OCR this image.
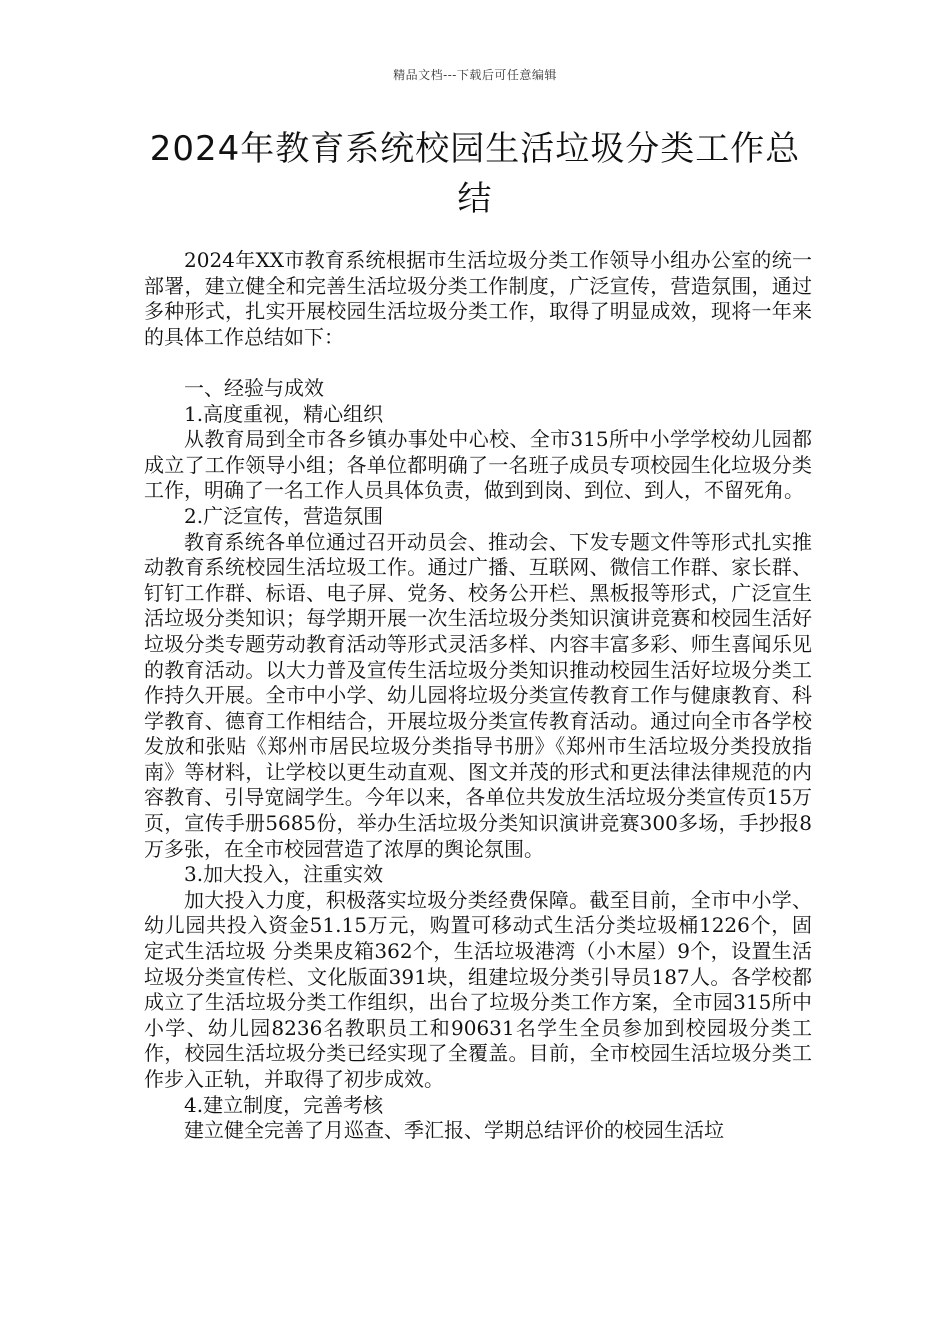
精品文档---下载后可任意编辑
2024年教育系统校园生活垃圾分类工作总结

2024年XX市教育系统根据市生活垃圾分类工作领导小组办公室的统一部署，建立健全和完善生活垃圾分类工作制度，广泛宣传，营造氛围，通过多种形式，扎实开展校园生活垃圾分类工作，取得了明显成效，现将一年来的具体工作总结如下：

一、经验与成效

1.高度重视，精心组织

从教育局到全市各乡镇办事处中心校、全市315所中小学学校幼儿园都成立了工作领导小组；各单位都明确了一名班子成员专项校园生化垃圾分类工作，明确了一名工作人员具体负责，做到到岗、到位、到人，不留死角。

2.广泛宣传，营造氛围

教育系统各单位通过召开动员会、推动会、下发专题文件等形式扎实推动教育系统校园生活垃圾工作。通过广播、互联网、微信工作群、家长群、钉钉工作群、标语、电子屏、党务、校务公开栏、黑板报等形式，广泛宣生活垃圾分类知识；每学期开展一次生活垃圾分类知识演讲竞赛和校园生活好垃圾分类专题劳动教育活动等形式灵活多样、内容丰富多彩、师生喜闻乐见的教育活动。以大力普及宣传生活垃圾分类知识推动校园生活好垃圾分类工作持久开展。全市中小学、幼儿园将垃圾分类宣传教育工作与健康教育、科学教育、德育工作相结合，开展垃圾分类宣传教育活动。通过向全市各学校发放和张贴《郑州市居民垃圾分类指导书册》《郑州市生活垃圾分类投放指南》等材料，让学校以更生动直观、图文并茂的形式和更法律法律规范的内容教育、引导宽阔学生。今年以来，各单位共发放生活垃圾分类宣传页15万页，宣传手册5685份，举办生活垃圾分类知识演讲竞赛300多场，手抄报8万多张，在全市校园营造了浓厚的舆论氛围。

3.加大投入，注重实效

加大投入力度，积极落实垃圾分类经费保障。截至目前，全市中小学、幼儿园共投入资金51.15万元，购置可移动式生活分类垃圾桶1226个，固定式生活垃圾 分类果皮箱362个，生活垃圾港湾（小木屋）9个，设置生活垃圾分类宣传栏、文化版面391块，组建垃圾分类引导员187人。各学校都成立了生活垃圾分类工作组织，出台了垃圾分类工作方案，全市园315所中小学、幼儿园8236名教职员工和90631名学生全员参加到校园圾分类工作，校园生活垃圾分类已经实现了全覆盖。目前，全市校园生活垃圾分类工作步入正轨，并取得了初步成效。

4.建立制度，完善考核

建立健全完善了月巡查、季汇报、学期总结评价的校园生活垃
